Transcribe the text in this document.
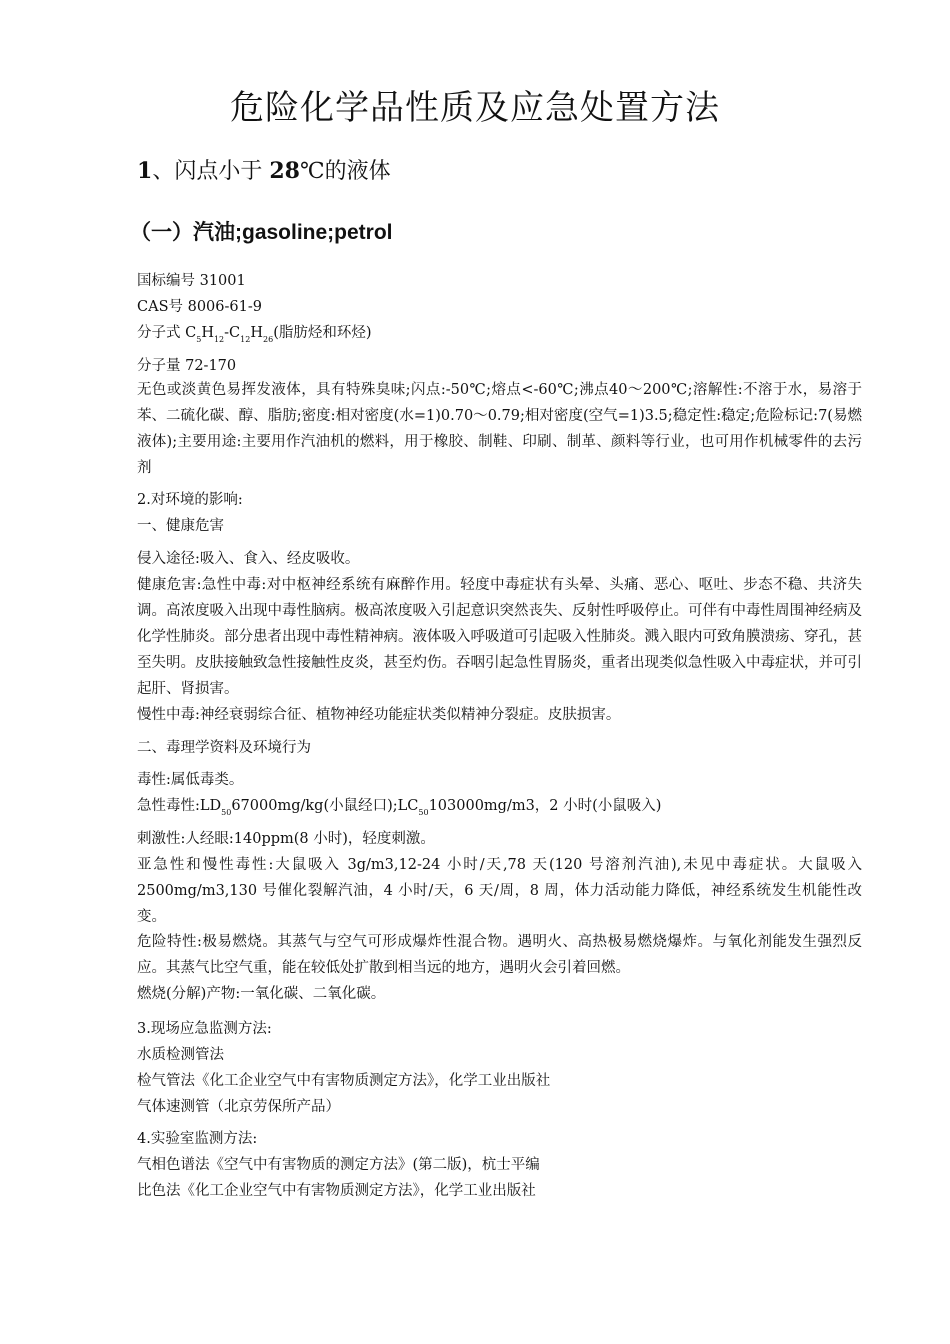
危险化学品性质及应急处置方法
1、闪点小于 28℃的液体
（一）汽油;gasoline;petrol
国标编号 31001
CAS号 8006-61-9
分子式 $C_5H_{12}-C_{12}H_{26}$(脂肪烃和环烃)
分子量 72-170
无色或淡黄色易挥发液体，具有特殊臭味;闪点:-50℃;熔点<-60℃;沸点40～200℃;溶解性:不溶于水，易溶于苯、二硫化碳、醇、脂肪;密度:相对密度(水=1)0.70～0.79;相对密度(空气=1)3.5;稳定性:稳定;危险标记:7(易燃液体);主要用途:主要用作汽油机的燃料，用于橡胶、制鞋、印刷、制革、颜料等行业，也可用作机械零件的去污剂
2.对环境的影响:
一、健康危害
侵入途径:吸入、食入、经皮吸收。
健康危害:急性中毒:对中枢神经系统有麻醉作用。轻度中毒症状有头晕、头痛、恶心、呕吐、步态不稳、共济失调。高浓度吸入出现中毒性脑病。极高浓度吸入引起意识突然丧失、反射性呼吸停止。可伴有中毒性周围神经病及化学性肺炎。部分患者出现中毒性精神病。液体吸入呼吸道可引起吸入性肺炎。溅入眼内可致角膜溃疡、穿孔，甚至失明。皮肤接触致急性接触性皮炎，甚至灼伤。吞咽引起急性胃肠炎，重者出现类似急性吸入中毒症状，并可引起肝、肾损害。
慢性中毒:神经衰弱综合征、植物神经功能症状类似精神分裂症。皮肤损害。
二、毒理学资料及环境行为
毒性:属低毒类。
急性毒性$:LD_{50}67000mg/kg$(小鼠经口)$;LC_{50}103000mg/m3$，2 小时(小鼠吸入)
刺激性:人经眼:140ppm(8 小时)，轻度刺激。
亚急性和慢性毒性:大鼠吸入 3g/m3,12-24 小时/天,78 天(120 号溶剂汽油),未见中毒症状。大鼠吸入 2500mg/m3,130 号催化裂解汽油，4 小时/天，6 天/周，8 周，体力活动能力降低，神经系统发生机能性改变。
危险特性:极易燃烧。其蒸气与空气可形成爆炸性混合物。遇明火、高热极易燃烧爆炸。与氧化剂能发生强烈反应。其蒸气比空气重，能在较低处扩散到相当远的地方，遇明火会引着回燃。
燃烧(分解)产物:一氧化碳、二氧化碳。
3.现场应急监测方法:
水质检测管法
检气管法《化工企业空气中有害物质测定方法》，化学工业出版社
气体速测管（北京劳保所产品）
4.实验室监测方法:
气相色谱法《空气中有害物质的测定方法》(第二版)，杭士平编
比色法《化工企业空气中有害物质测定方法》，化学工业出版社
